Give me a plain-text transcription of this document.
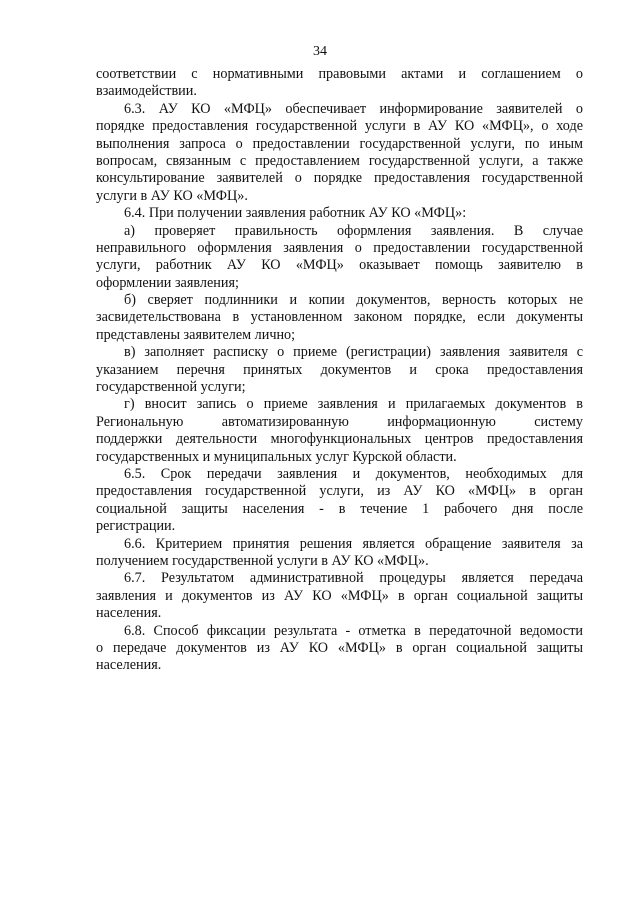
34
соответствии с нормативными правовыми актами и соглашением о
взаимодействии.
6.3. АУ КО «МФЦ» обеспечивает информирование заявителей о
порядке предоставления государственной услуги в АУ КО «МФЦ», о ходе
выполнения запроса о предоставлении государственной услуги, по иным
вопросам, связанным с предоставлением государственной услуги, а также
консультирование заявителей о порядке предоставления государственной
услуги в АУ КО «МФЦ».
6.4. При получении заявления работник АУ КО «МФЦ»:
а) проверяет правильность оформления заявления. В случае
неправильного оформления заявления о предоставлении государственной
услуги, работник АУ КО «МФЦ» оказывает помощь заявителю в
оформлении заявления;
б) сверяет подлинники и копии документов, верность которых не
засвидетельствована в установленном законом порядке, если документы
представлены заявителем лично;
в) заполняет расписку о приеме (регистрации) заявления заявителя с
указанием перечня принятых документов и срока предоставления
государственной услуги;
г) вносит запись о приеме заявления и прилагаемых документов в
Региональную автоматизированную информационную систему
поддержки деятельности многофункциональных центров предоставления
государственных и муниципальных услуг Курской области.
6.5. Срок передачи заявления и документов, необходимых для
предоставления государственной услуги, из АУ КО «МФЦ» в орган
социальной защиты населения - в течение 1 рабочего дня после
регистрации.
6.6. Критерием принятия решения является обращение заявителя за
получением государственной услуги в АУ КО «МФЦ».
6.7. Результатом административной процедуры является передача
заявления и документов из АУ КО «МФЦ» в орган социальной защиты
населения.
6.8. Способ фиксации результата - отметка в передаточной ведомости
о передаче документов из АУ КО «МФЦ» в орган социальной защиты
населения.
